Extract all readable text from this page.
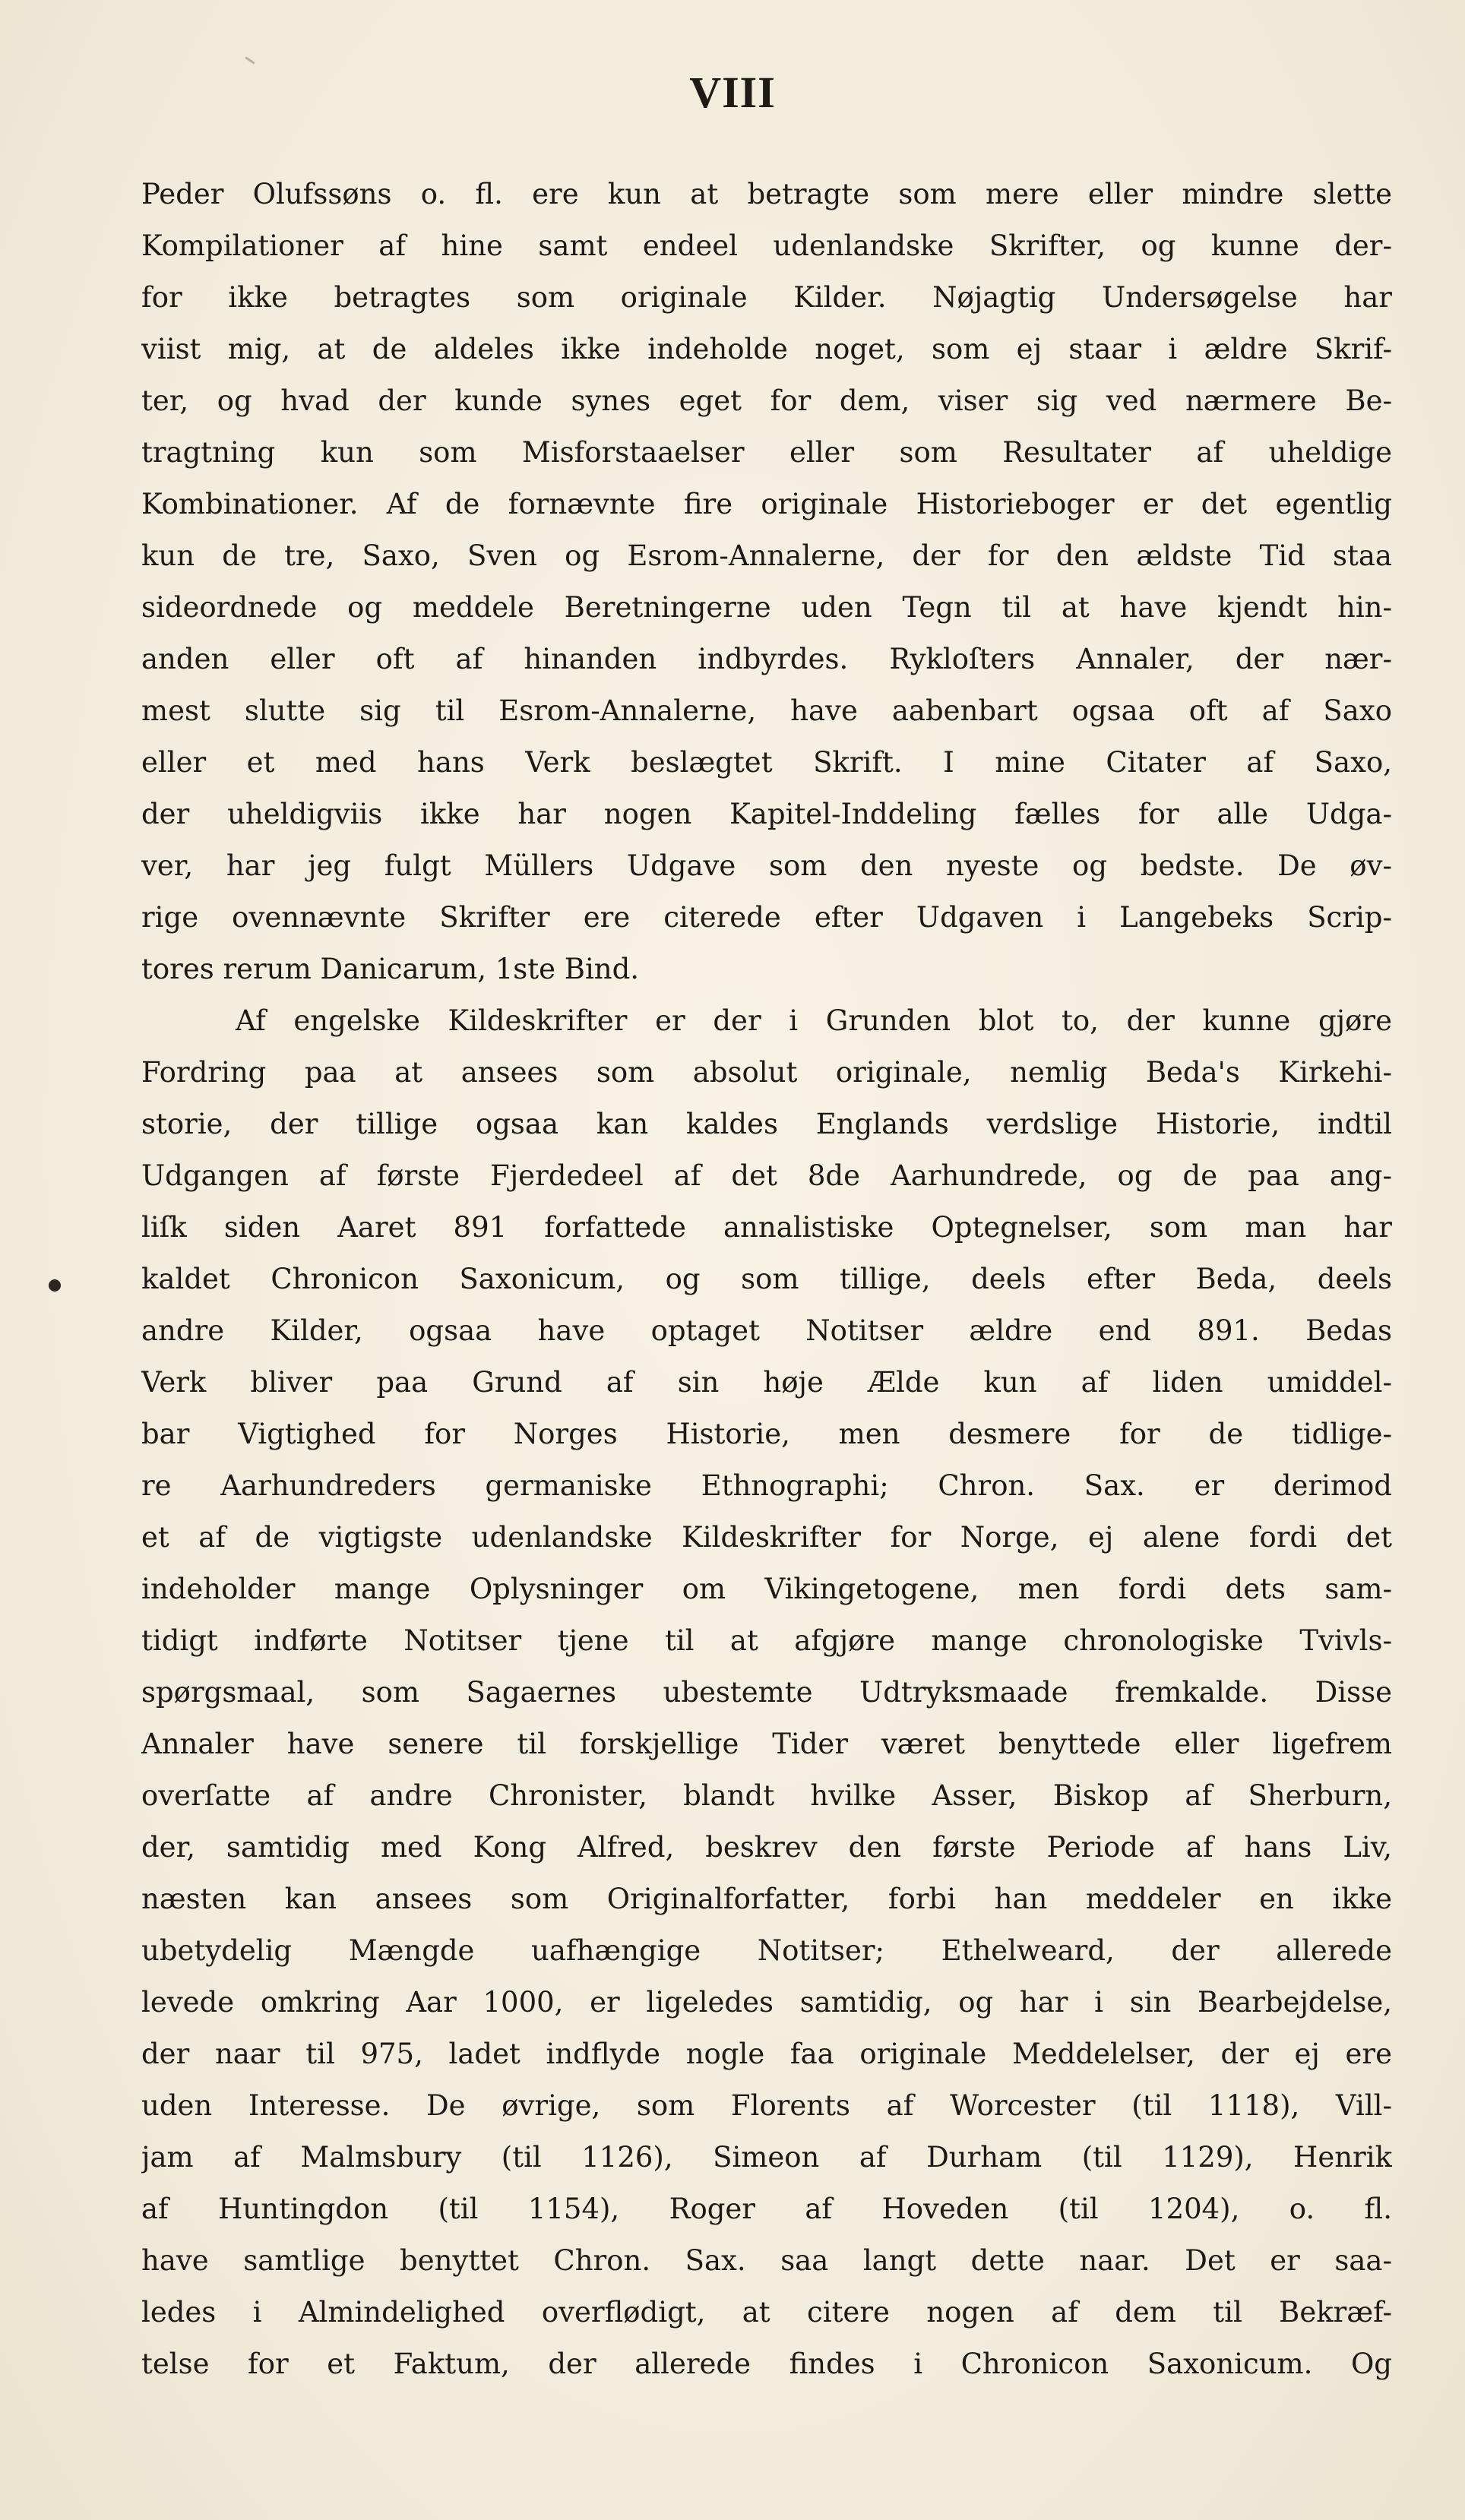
VIII
Peder Olufssøns o. fl. ere kun at betragte som mere eller mindre slette
Kompilationer af hine samt endeel udenlandske Skrifter, og kunne der-
for ikke betragtes som originale Kilder. Nøjagtig Undersøgelse har
viist mig, at de aldeles ikke indeholde noget, som ej staar i ældre Skrif-
ter, og hvad der kunde synes eget for dem, viser sig ved nærmere Be-
tragtning kun som Misforstaaelser eller som Resultater af uheldige
Kombinationer. Af de fornævnte fire originale Historieboger er det egentlig
kun de tre, Saxo, Sven og Esrom-Annalerne, der for den ældste Tid staa
sideordnede og meddele Beretningerne uden Tegn til at have kjendt hin-
anden eller oft af hinanden indbyrdes. Rykloſters Annaler, der nær-
mest slutte sig til Esrom-Annalerne, have aabenbart ogsaa oft af Saxo
eller et med hans Verk beslægtet Skrift. I mine Citater af Saxo,
der uheldigviis ikke har nogen Kapitel-Inddeling fælles for alle Udga-
ver, har jeg fulgt Müllers Udgave som den nyeste og bedste. De øv-
rige ovennævnte Skrifter ere citerede efter Udgaven i Langebeks Scrip-
tores rerum Danicarum, 1ste Bind.
Af engelske Kildeskrifter er der i Grunden blot to, der kunne gjøre
Fordring paa at ansees som absolut originale, nemlig Beda's Kirkehi-
storie, der tillige ogsaa kan kaldes Englands verdslige Historie, indtil
Udgangen af første Fjerdedeel af det 8de Aarhundrede, og de paa ang-
liſk siden Aaret 891 forfattede annalistiske Optegnelser, som man har
kaldet Chronicon Saxonicum, og som tillige, deels efter Beda, deels
andre Kilder, ogsaa have optaget Notitser ældre end 891. Bedas
Verk bliver paa Grund af sin høje Ælde kun af liden umiddel-
bar Vigtighed for Norges Historie, men desmere for de tidlige-
re Aarhundreders germaniske Ethnographi; Chron. Sax. er derimod
et af de vigtigste udenlandske Kildeskrifter for Norge, ej alene fordi det
indeholder mange Oplysninger om Vikingetogene, men fordi dets sam-
tidigt indførte Notitser tjene til at afgjøre mange chronologiske Tvivls-
spørgsmaal, som Sagaernes ubestemte Udtryksmaade fremkalde. Disse
Annaler have senere til forskjellige Tider været benyttede eller ligefrem
overſatte af andre Chronister, blandt hvilke Asser, Biskop af Sherburn,
der, samtidig med Kong Alfred, beskrev den første Periode af hans Liv,
næsten kan ansees som Originalforfatter, forbi han meddeler en ikke
ubetydelig Mængde uafhængige Notitser; Ethelweard, der allerede
levede omkring Aar 1000, er ligeledes samtidig, og har i sin Bearbejdelse,
der naar til 975, ladet indflyde nogle faa originale Meddelelser, der ej ere
uden Interesse. De øvrige, som Florents af Worcester (til 1118), Vill-
jam af Malmsbury (til 1126), Simeon af Durham (til 1129), Henrik
af Huntingdon (til 1154), Roger af Hoveden (til 1204), o. fl.
have samtlige benyttet Chron. Sax. saa langt dette naar. Det er saa-
ledes i Almindelighed overflødigt, at citere nogen af dem til Bekræf-
telse for et Faktum, der allerede findes i Chronicon Saxonicum. Og
